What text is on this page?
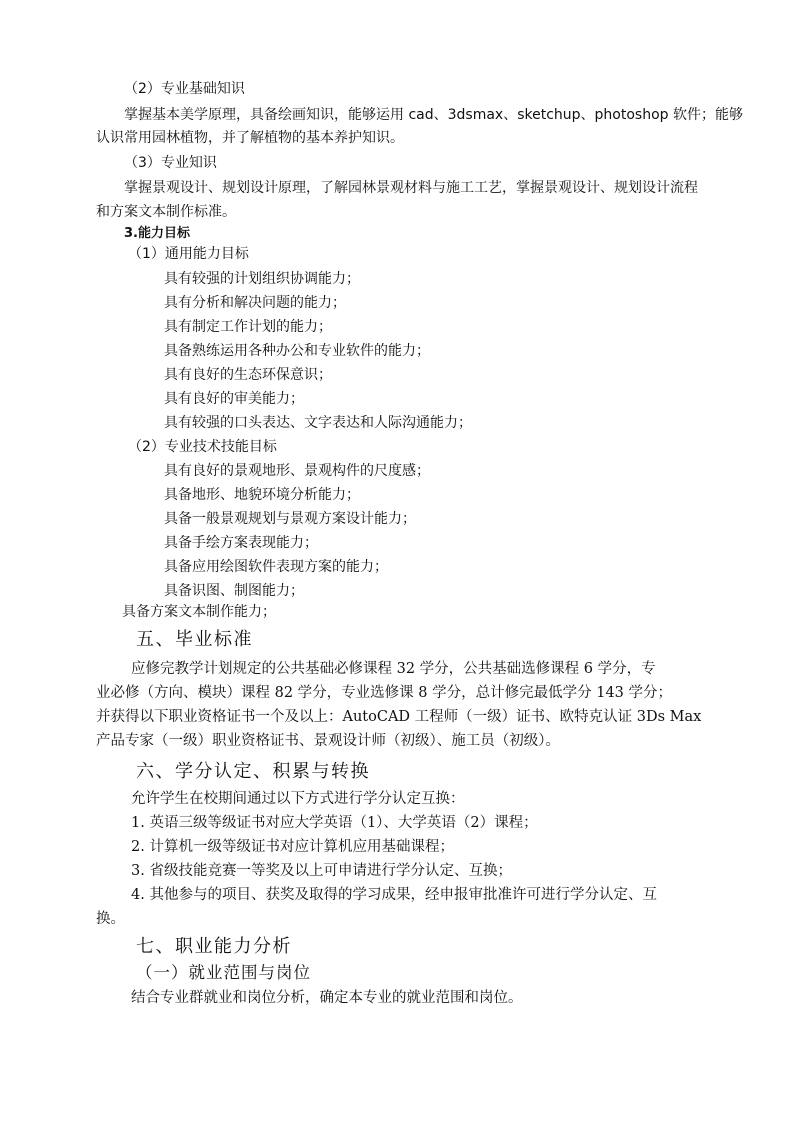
（2）专业基础知识
掌握基本美学原理，具备绘画知识，能够运用 cad、3dsmax、sketchup、photoshop 软件；能够
认识常用园林植物，并了解植物的基本养护知识。
（3）专业知识
掌握景观设计、规划设计原理，了解园林景观材料与施工工艺，掌握景观设计、规划设计流程
和方案文本制作标准。
3.能力目标
（1）通用能力目标
具有较强的计划组织协调能力；
具有分析和解决问题的能力；
具有制定工作计划的能力；
具备熟练运用各种办公和专业软件的能力；
具有良好的生态环保意识；
具有良好的审美能力；
具有较强的口头表达、文字表达和人际沟通能力；
（2）专业技术技能目标
具有良好的景观地形、景观构件的尺度感；
具备地形、地貌环境分析能力；
具备一般景观规划与景观方案设计能力；
具备手绘方案表现能力；
具备应用绘图软件表现方案的能力；
具备识图、制图能力；
具备方案文本制作能力；
五、毕业标准
应修完教学计划规定的公共基础必修课程 32 学分，公共基础选修课程 6 学分，专
业必修（方向、模块）课程 82 学分，专业选修课 8 学分，总计修完最低学分 143 学分；
并获得以下职业资格证书一个及以上：AutoCAD 工程师（一级）证书、欧特克认证 3Ds Max
产品专家（一级）职业资格证书、景观设计师（初级）、施工员（初级）。
六、学分认定、积累与转换
允许学生在校期间通过以下方式进行学分认定互换：
1. 英语三级等级证书对应大学英语（1）、大学英语（2）课程；
2. 计算机一级等级证书对应计算机应用基础课程；
3. 省级技能竞赛一等奖及以上可申请进行学分认定、互换；
4. 其他参与的项目、获奖及取得的学习成果，经申报审批准许可进行学分认定、互
换。
七、职业能力分析
（一）就业范围与岗位
结合专业群就业和岗位分析，确定本专业的就业范围和岗位。
